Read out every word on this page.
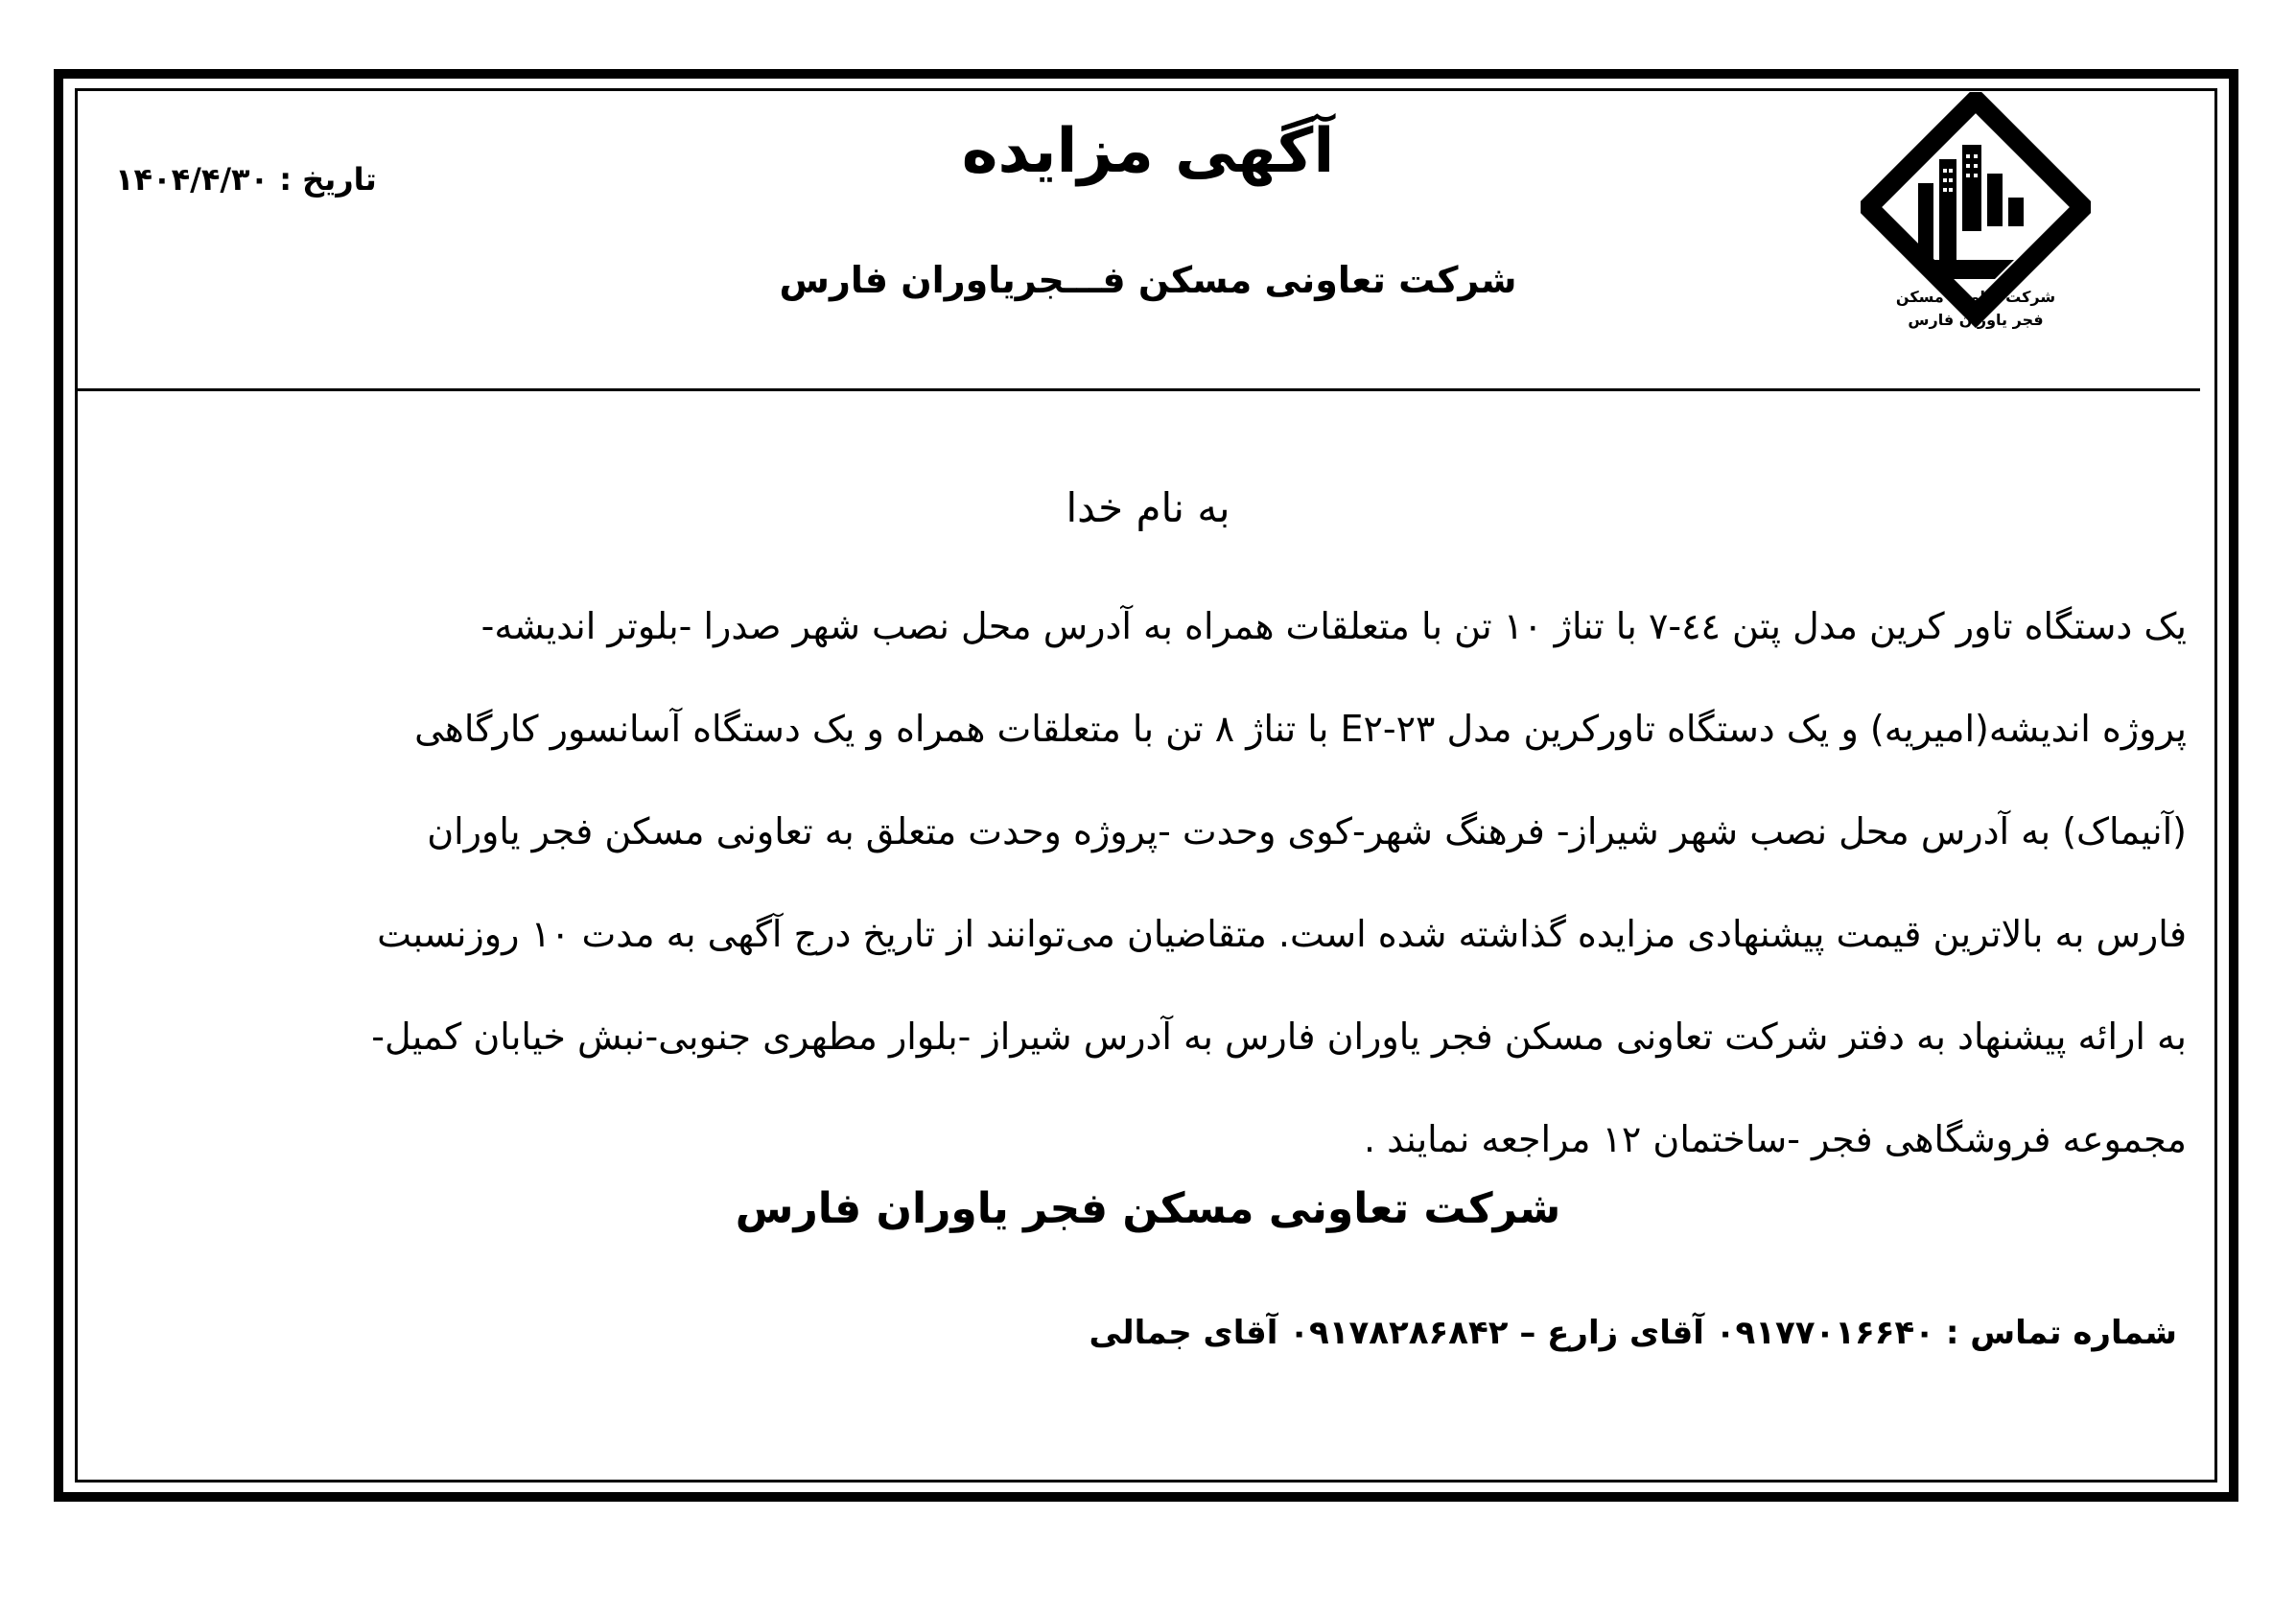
آگهی مزایده
شرکت تعاونی مسکن فـــجریاوران فارس
تاریخ : ۱۴۰۴/۴/۳۰
شرکت تعاونی مسکن
فجر یاوران فارس
به نام خدا
یک دستگاه تاور کرین مدل پتن ٤٤-٧ با تناژ ۱۰ تن با متعلقات همراه به آدرس محل نصب شهر صدرا -بلوتر اندیشه-
پروژه اندیشه(امیریه) و یک دستگاه تاورکرین مدل E۲-۲۳ با تناژ ۸ تن با متعلقات همراه و یک دستگاه آسانسور کارگاهی
(آنیماک) به آدرس محل نصب شهر شیراز- فرهنگ شهر-کوی وحدت -پروژه وحدت متعلق به تعاونی مسکن فجر یاوران
فارس به بالاترین قیمت پیشنهادی مزایده گذاشته شده است. متقاضیان می‌توانند از تاریخ درج آگهی به مدت ۱۰ روزنسبت
به ارائه پیشنهاد به دفتر شرکت تعاونی مسکن فجر یاوران فارس به آدرس شیراز -بلوار مطهری جنوبی-نبش خیابان کمیل-
مجموعه فروشگاهی فجر -ساختمان ۱۲ مراجعه نمایند .
شرکت تعاونی مسکن فجر یاوران فارس
شماره تماس : ۰۹۱۷۷۰۱۶۶۴۰ آقای زارع – ۰۹۱۷۸۲۸۶۸۴۲ آقای جمالی
